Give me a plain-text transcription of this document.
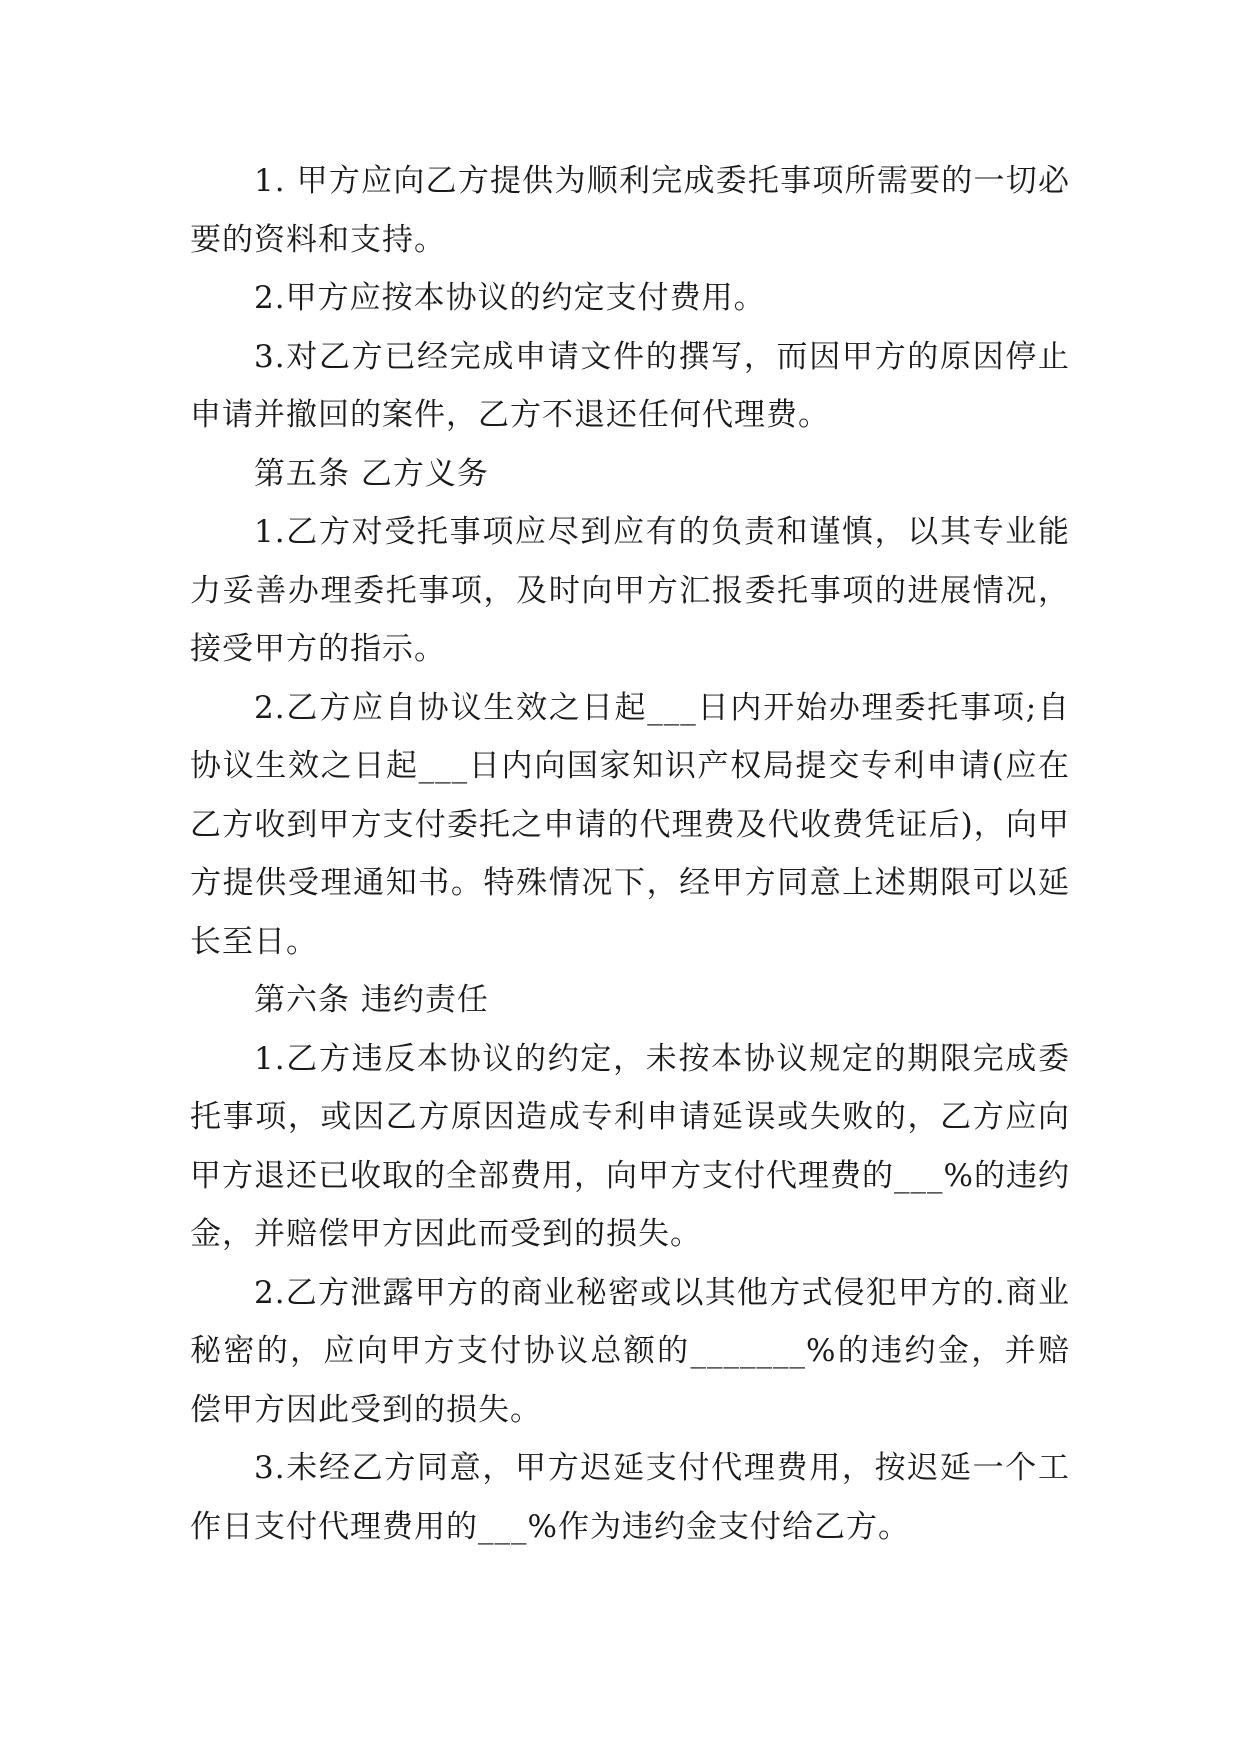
1. 甲方应向乙方提供为顺利完成委托事项所需要的一切必要的资料和支持。

2.甲方应按本协议的约定支付费用。

3.对乙方已经完成申请文件的撰写，而因甲方的原因停止申请并撤回的案件，乙方不退还任何代理费。

第五条 乙方义务

1.乙方对受托事项应尽到应有的负责和谨慎，以其专业能力妥善办理委托事项，及时向甲方汇报委托事项的进展情况，接受甲方的指示。

2.乙方应自协议生效之日起___日内开始办理委托事项;自协议生效之日起___日内向国家知识产权局提交专利申请(应在乙方收到甲方支付委托之申请的代理费及代收费凭证后)，向甲方提供受理通知书。特殊情况下，经甲方同意上述期限可以延长至日。

第六条 违约责任

1.乙方违反本协议的约定，未按本协议规定的期限完成委托事项，或因乙方原因造成专利申请延误或失败的，乙方应向甲方退还已收取的全部费用，向甲方支付代理费的___%的违约金，并赔偿甲方因此而受到的损失。

2.乙方泄露甲方的商业秘密或以其他方式侵犯甲方的.商业秘密的，应向甲方支付协议总额的_______%的违约金，并赔偿甲方因此受到的损失。

3.未经乙方同意，甲方迟延支付代理费用，按迟延一个工作日支付代理费用的___%作为违约金支付给乙方。
